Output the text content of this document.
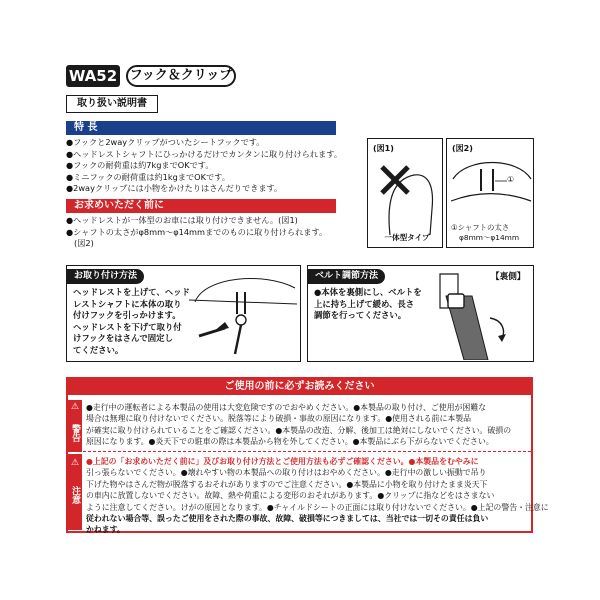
WA52 フック＆クリップ
取り扱い説明書
特 長
●フックと2wayクリップがついたシートフックです。
●ヘッドレストシャフトにひっかけるだけでカンタンに取り付けられます。
●フックの耐荷重は約7kgまでOKです。
●ミニフックの耐荷重は約1kgまでOKです。
●2wayクリップには小物をかけたりはさんだりできます。
お求めいただく前に
●ヘッドレストが一体型のお車には取り付けできません。(図1)
●シャフトの太さがφ8mm〜φ14mmまでのものに取り付けられます。
(図2)
(図1)
一体型タイプ
(図2)
①
①シャフトの太さ
φ8mm〜φ14mm
お取り付け方法
ヘッドレストを上げて、ヘッド
レストシャフトに本体の取り
付けフックを引っかけます。
ヘッドレストを下げて取り付
けフックをはさんで固定し
てください。
ベルト調節方法
●本体を裏側にし、ベルトを
上に持ち上げて緩め、長さ
調節を行ってください。
【裏側】
ご使用の前に必ずお読みください
⚠
警告
●走行中の運転者による本製品の使用は大変危険ですのでおやめください。●本製品の取り付け、ご使用が困難な
場合は無理に取り付けないでください。脱落等により破損・事故の原因になります。●使用される前に本製品
が確実に取り付けられていることをご確認ください。●本製品の改造、分解、後加工は絶対にしないでください。破損の
原因になります。●炎天下での駐車の際は本製品から物を外してください。●本製品にぶら下がらないでください。
⚠
注意
●上記の「お求めいただく前に」及びお取り付け方法とご使用方法も必ずご確認ください。●本製品をむやみに
引っ張らないでください。●壊れやすい物の本製品への取り付けはおやめください。●走行中の激しい振動で吊り
下げた物やはさんだ物が脱落するおそれがありますのでご注意ください。●本製品に小物を取り付けたまま炎天下
の車内に放置しないでください。故障、熱や荷重による変形のおそれがあります。●クリップに指などをはさまない
ように注意してください。けがの原因となります。●チャイルドシートの正面には取り付けないでください。●上記の警告・注意に
従われない場合等、誤ったご使用をされた際の事故、故障、破損等につきましては、当社では一切その責任は負い
かねます。
